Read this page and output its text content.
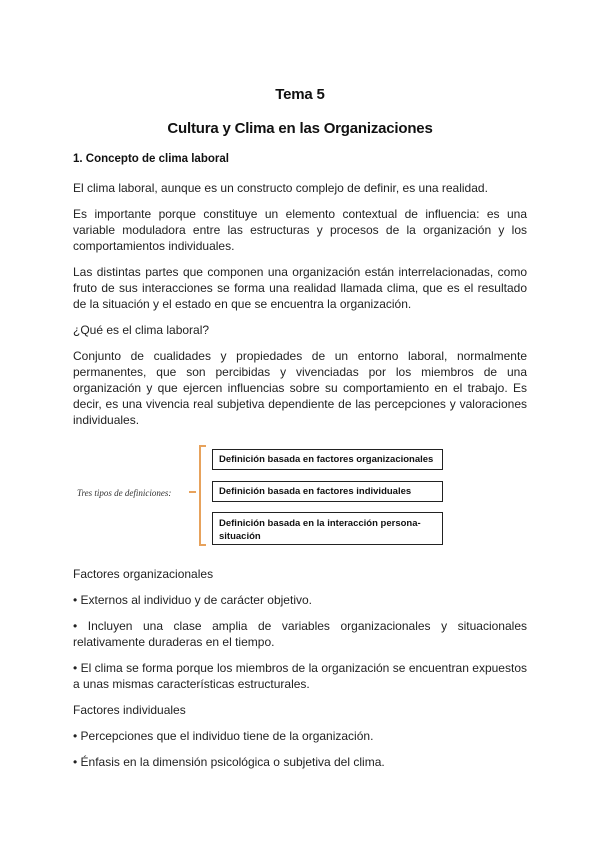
Tema 5
Cultura y Clima en las Organizaciones
1. Concepto de clima laboral
El clima laboral, aunque es un constructo complejo de definir, es una realidad.
Es importante porque constituye un elemento contextual de influencia: es una variable moduladora entre las estructuras y procesos de la organización y los comportamientos individuales.
Las distintas partes que componen una organización están interrelacionadas, como fruto de sus interacciones se forma una realidad llamada clima, que es el resultado de la situación y el estado en que se encuentra la organización.
¿Qué es el clima laboral?
Conjunto de cualidades y propiedades de un entorno laboral, normalmente permanentes, que son percibidas y vivenciadas por los miembros de una organización y que ejercen influencias sobre su comportamiento en el trabajo. Es decir, es una vivencia real subjetiva dependiente de las percepciones y valoraciones individuales.
Tres tipos de definiciones:
Definición basada en factores organizacionales
Definición basada en factores individuales
Definición basada en la interacción persona-situación
Factores organizacionales
• Externos al individuo y de carácter objetivo.
• Incluyen una clase amplia de variables organizacionales y situacionales relativamente duraderas en el tiempo.
• El clima se forma porque los miembros de la organización se encuentran expuestos a unas mismas características estructurales.
Factores individuales
• Percepciones que el individuo tiene de la organización.
• Énfasis en la dimensión psicológica o subjetiva del clima.
